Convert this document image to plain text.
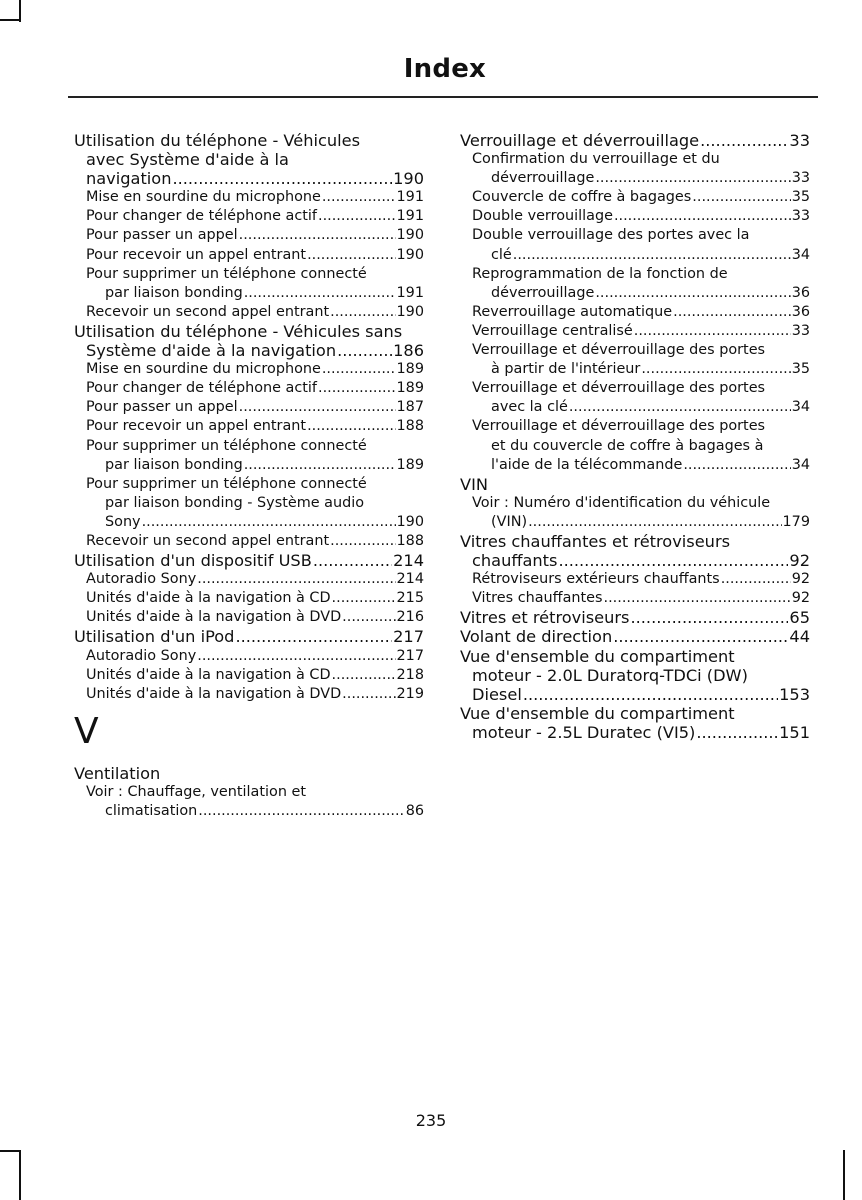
Index
Utilisation du téléphone - Véhicules
avec Système d'aide à la
navigation .....	190
Mise en sourdine du microphone .....	191
Pour changer de téléphone actif .....	191
Pour passer un appel .....	190
Pour recevoir un appel entrant .....	190
Pour supprimer un téléphone connecté
par liaison bonding .....	191
Recevoir un second appel entrant .....	190
Utilisation du téléphone - Véhicules sans
Système d'aide à la navigation .....	186
Mise en sourdine du microphone .....	189
Pour changer de téléphone actif .....	189
Pour passer un appel .....	187
Pour recevoir un appel entrant .....	188
Pour supprimer un téléphone connecté
par liaison bonding .....	189
Pour supprimer un téléphone connecté
par liaison bonding - Système audio
Sony .....	190
Recevoir un second appel entrant .....	188
Utilisation d'un dispositif USB .....	214
Autoradio Sony .....	214
Unités d'aide à la navigation à CD .....	215
Unités d'aide à la navigation à DVD .....	216
Utilisation d'un iPod .....	217
Autoradio Sony .....	217
Unités d'aide à la navigation à CD .....	218
Unités d'aide à la navigation à DVD .....	219
V
Ventilation
Voir : Chauffage, ventilation et
climatisation .....	86
Verrouillage et déverrouillage .....	33
Confirmation du verrouillage et du
déverrouillage .....	33
Couvercle de coffre à bagages .....	35
Double verrouillage .....	33
Double verrouillage des portes avec la
clé .....	34
Reprogrammation de la fonction de
déverrouillage .....	36
Reverrouillage automatique .....	36
Verrouillage centralisé .....	33
Verrouillage et déverrouillage des portes
à partir de l'intérieur .....	35
Verrouillage et déverrouillage des portes
avec la clé .....	34
Verrouillage et déverrouillage des portes
et du couvercle de coffre à bagages à
l'aide de la télécommande .....	34
VIN
Voir : Numéro d'identification du véhicule
(VIN) .....	179
Vitres chauffantes et rétroviseurs
chauffants .....	92
Rétroviseurs extérieurs chauffants .....	92
Vitres chauffantes .....	92
Vitres et rétroviseurs .....	65
Volant de direction .....	44
Vue d'ensemble du compartiment
moteur - 2.0L Duratorq-TDCi (DW)
Diesel .....	153
Vue d'ensemble du compartiment
moteur - 2.5L Duratec (VI5) .....	151
235
